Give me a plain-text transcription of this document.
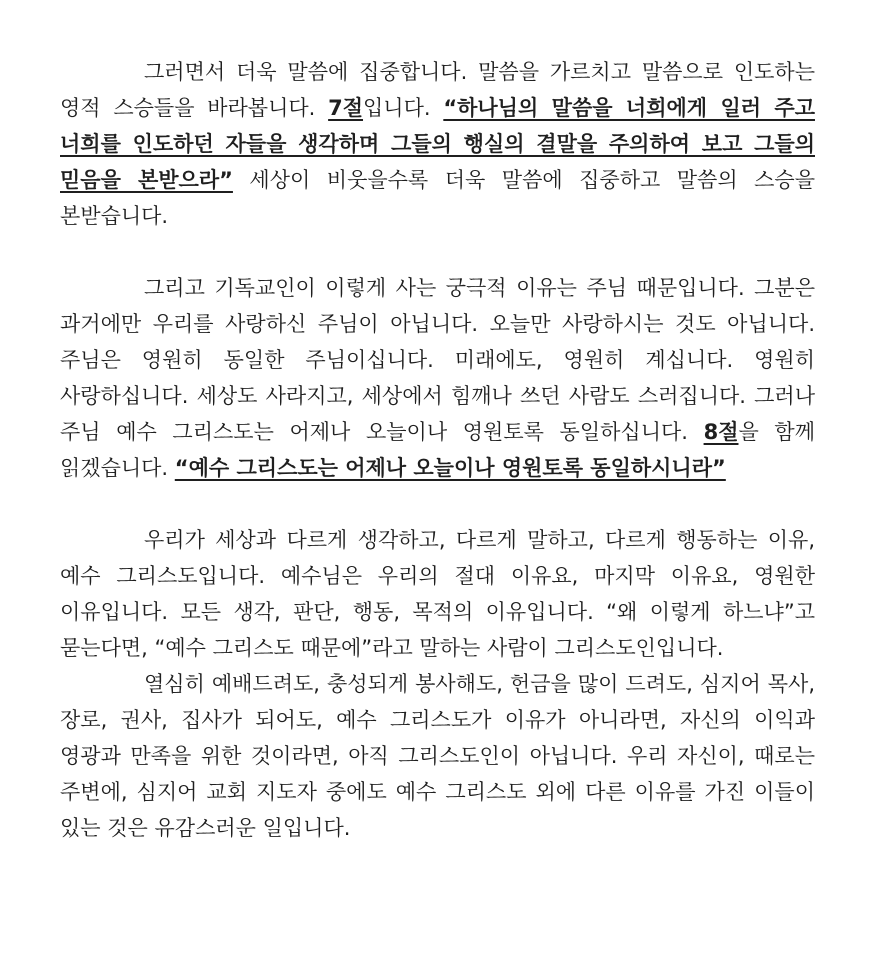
그러면서 더욱 말씀에 집중합니다. 말씀을 가르치고 말씀으로 인도하는 영적 스승들을 바라봅니다. 7절입니다. “하나님의 말씀을 너희에게 일러 주고 너희를 인도하던 자들을 생각하며 그들의 행실의 결말을 주의하여 보고 그들의 믿음을 본받으라” 세상이 비웃을수록 더욱 말씀에 집중하고 말씀의 스승을 본받습니다.

그리고 기독교인이 이렇게 사는 궁극적 이유는 주님 때문입니다. 그분은 과거에만 우리를 사랑하신 주님이 아닙니다. 오늘만 사랑하시는 것도 아닙니다. 주님은 영원히 동일한 주님이십니다. 미래에도, 영원히 계십니다. 영원히 사랑하십니다. 세상도 사라지고, 세상에서 힘깨나 쓰던 사람도 스러집니다. 그러나 주님 예수 그리스도는 어제나 오늘이나 영원토록 동일하십니다. 8절을 함께 읽겠습니다. “예수 그리스도는 어제나 오늘이나 영원토록 동일하시니라”

우리가 세상과 다르게 생각하고, 다르게 말하고, 다르게 행동하는 이유, 예수 그리스도입니다. 예수님은 우리의 절대 이유요, 마지막 이유요, 영원한 이유입니다. 모든 생각, 판단, 행동, 목적의 이유입니다. “왜 이렇게 하느냐”고 묻는다면, “예수 그리스도 때문에”라고 말하는 사람이 그리스도인입니다.

열심히 예배드려도, 충성되게 봉사해도, 헌금을 많이 드려도, 심지어 목사, 장로, 권사, 집사가 되어도, 예수 그리스도가 이유가 아니라면, 자신의 이익과 영광과 만족을 위한 것이라면, 아직 그리스도인이 아닙니다. 우리 자신이, 때로는 주변에, 심지어 교회 지도자 중에도 예수 그리스도 외에 다른 이유를 가진 이들이 있는 것은 유감스러운 일입니다.
